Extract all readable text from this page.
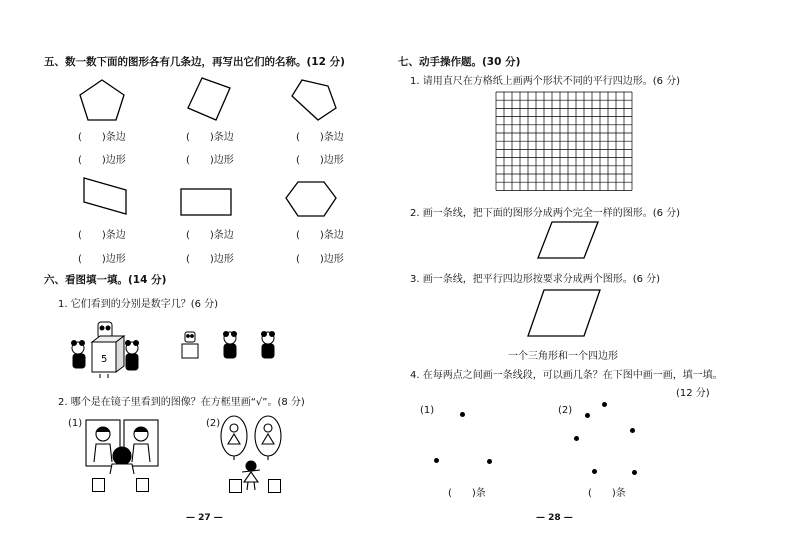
五、数一数下面的图形各有几条边，再写出它们的名称。(12 分)
(　　)条边	(　　)条边	(　　)条边
(　　)边形	(　　)边形	(　　)边形
(　　)条边	(　　)条边	(　　)条边
(　　)边形	(　　)边形	(　　)边形
六、看图填一填。(14 分)
1. 它们看到的分别是数字几？(6 分)
5
2. 哪个是在镜子里看到的图像？在方框里画“√”。(8 分)
(1)	(2)
— 27 —
七、动手操作题。(30 分)
1. 请用直尺在方格纸上画两个形状不同的平行四边形。(6 分)
2. 画一条线，把下面的图形分成两个完全一样的图形。(6 分)
3. 画一条线，把平行四边形按要求分成两个图形。(6 分)
一个三角形和一个四边形
4. 在每两点之间画一条线段，可以画几条？在下图中画一画，填一填。
(12 分)
(1)	(2)
(　　)条	(　　)条
— 28 —
